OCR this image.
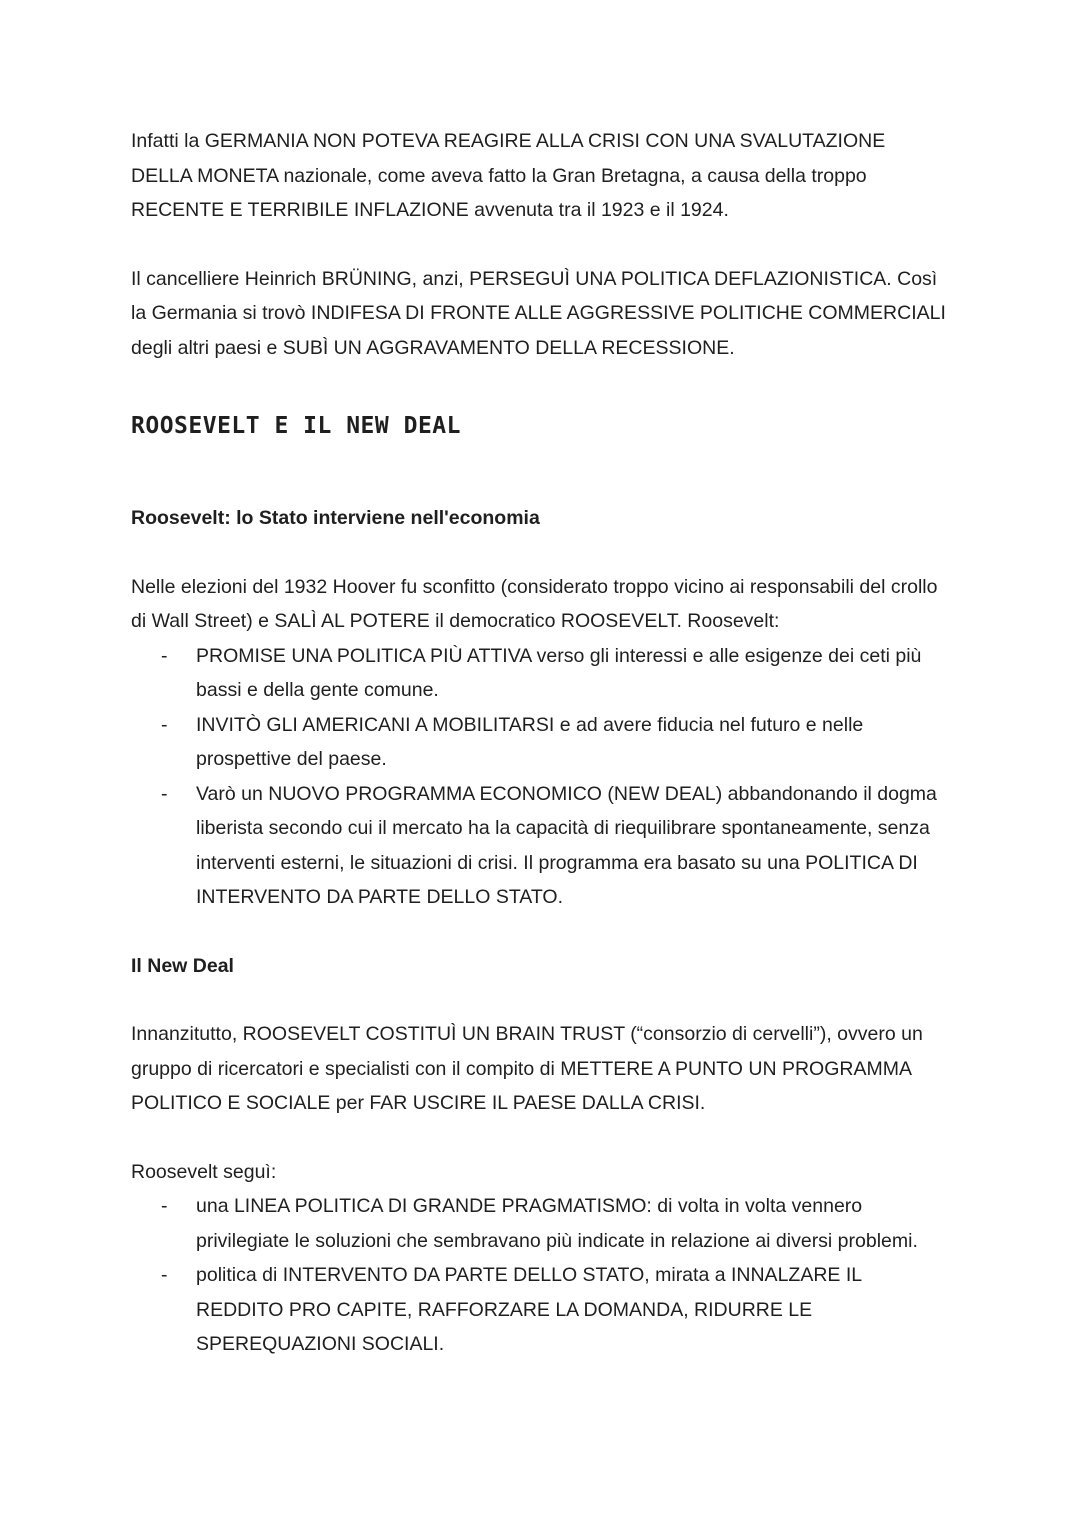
Infatti la GERMANIA NON POTEVA REAGIRE ALLA CRISI CON UNA SVALUTAZIONE DELLA MONETA nazionale, come aveva fatto la Gran Bretagna, a causa della troppo RECENTE E TERRIBILE INFLAZIONE avvenuta tra il 1923 e il 1924.

Il cancelliere Heinrich BRÜNING, anzi, PERSEGUÌ UNA POLITICA DEFLAZIONISTICA. Così la Germania si trovò INDIFESA DI FRONTE ALLE AGGRESSIVE POLITICHE COMMERCIALI degli altri paesi e SUBÌ UN AGGRAVAMENTO DELLA RECESSIONE.

ROOSEVELT E IL NEW DEAL
Roosevelt: lo Stato interviene nell'economia

Nelle elezioni del 1932 Hoover fu sconfitto (considerato troppo vicino ai responsabili del crollo di Wall Street) e SALÌ AL POTERE il democratico ROOSEVELT. Roosevelt:

- PROMISE UNA POLITICA PIÙ ATTIVA verso gli interessi e alle esigenze dei ceti più bassi e della gente comune.
- INVITÒ GLI AMERICANI A MOBILITARSI e ad avere fiducia nel futuro e nelle prospettive del paese.
- Varò un NUOVO PROGRAMMA ECONOMICO (NEW DEAL) abbandonando il dogma liberista secondo cui il mercato ha la capacità di riequilibrare spontaneamente, senza interventi esterni, le situazioni di crisi. Il programma era basato su una POLITICA DI INTERVENTO DA PARTE DELLO STATO.
Il New Deal

Innanzitutto, ROOSEVELT COSTITUÌ UN BRAIN TRUST (“consorzio di cervelli”), ovvero un gruppo di ricercatori e specialisti con il compito di METTERE A PUNTO UN PROGRAMMA POLITICO E SOCIALE per FAR USCIRE IL PAESE DALLA CRISI.

Roosevelt seguì:

- una LINEA POLITICA DI GRANDE PRAGMATISMO: di volta in volta vennero privilegiate le soluzioni che sembravano più indicate in relazione ai diversi problemi.
- politica di INTERVENTO DA PARTE DELLO STATO, mirata a INNALZARE IL REDDITO PRO CAPITE, RAFFORZARE LA DOMANDA, RIDURRE LE SPEREQUAZIONI SOCIALI.
